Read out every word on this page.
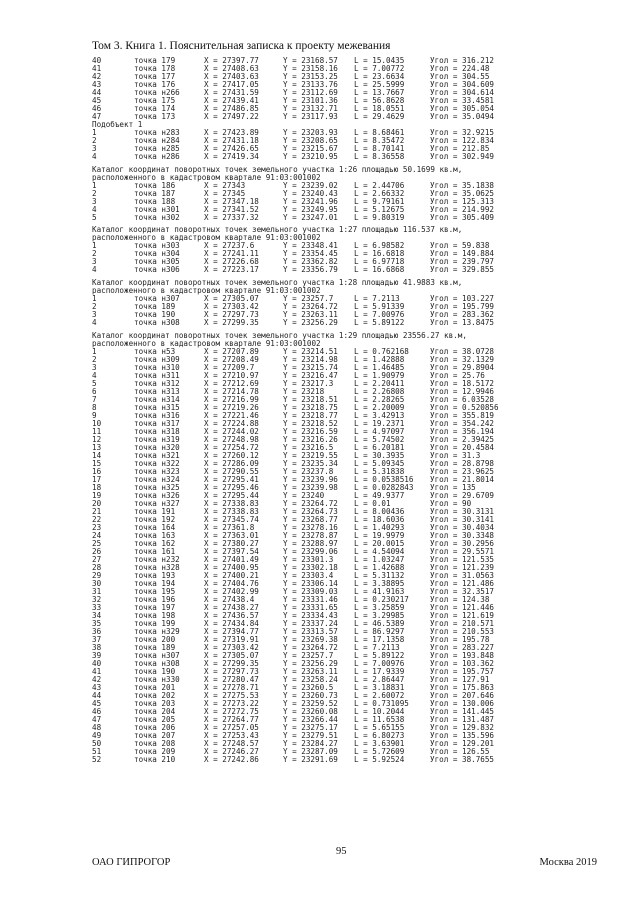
Том 3. Книга 1. Пояснительная записка к проекту межевания
40	точка 179	X = 27397.77	Y = 23168.57 L = 15.0435	Угол = 316.212
41	точка 178	X = 27408.63	Y = 23158.16 L = 7.00772	Угол = 224.48
42	точка 177	X = 27403.63	Y = 23153.25 L = 23.6634	Угол = 304.55
43	точка 176	X = 27417.05	Y = 23133.76 L = 25.5999	Угол = 304.609
44	точка н266	X = 27431.59	Y = 23112.69 L = 13.7667	Угол = 304.614
45	точка 175	X = 27439.41	Y = 23101.36 L = 56.8628	Угол = 33.4581
46	точка 174	X = 27486.85	Y = 23132.71 L = 18.0551	Угол = 305.054
47	точка 173	X = 27497.22	Y = 23117.93 L = 29.4629	Угол = 35.0494
Подобъект 1
1	точка н283	X = 27423.89	Y = 23203.93 L = 8.68461	Угол = 32.9215
2	точка н284	X = 27431.18	Y = 23208.65 L = 8.35472	Угол = 122.834
3	точка н285	X = 27426.65	Y = 23215.67 L = 8.70141	Угол = 212.85
4	точка н286	X = 27419.34	Y = 23210.95 L = 8.36558	Угол = 302.949
Каталог координат поворотных точек земельного участка 1:26 площадью 50.1699 кв.м,
расположенного в кадастровом квартале 91:03:001002
1	точка 186	X = 27343	Y = 23239.02 L = 2.44706	Угол = 35.1838
2	точка 187	X = 27345	Y = 23240.43 L = 2.66332	Угол = 35.0625
3	точка 188	X = 27347.18	Y = 23241.96 L = 9.79161	Угол = 125.313
4	точка н301	X = 27341.52	Y = 23249.95 L = 5.12675	Угол = 214.992
5	точка н302	X = 27337.32	Y = 23247.01 L = 9.80319	Угол = 305.409
Каталог координат поворотных точек земельного участка 1:27 площадью 116.537 кв.м,
расположенного в кадастровом квартале 91:03:001002
1	точка н303	X = 27237.6	Y = 23348.41 L = 6.98582	Угол = 59.838
2	точка н304	X = 27241.11	Y = 23354.45 L = 16.6818	Угол = 149.884
3	точка н305	X = 27226.68	Y = 23362.82 L = 6.97718	Угол = 239.797
4	точка н306	X = 27223.17	Y = 23356.79 L = 16.6868	Угол = 329.855
Каталог координат поворотных точек земельного участка 1:28 площадью 41.9883 кв.м,
расположенного в кадастровом квартале 91:03:001002
1	точка н307	X = 27305.07	Y = 23257.7	L = 7.2113	Угол = 103.227
2	точка 189	X = 27303.42	Y = 23264.72 L = 5.91339	Угол = 195.799
3	точка 190	X = 27297.73	Y = 23263.11 L = 7.00976	Угол = 283.362
4	точка н308	X = 27299.35	Y = 23256.29 L = 5.89122	Угол = 13.8475
Каталог координат поворотных точек земельного участка 1:29 площадью 23556.27 кв.м,
расположенного в кадастровом квартале 91:03:001002
1	точка н53	X = 27207.89	Y = 23214.51 L = 0.762168	Угол = 38.0728
2	точка н309	X = 27208.49	Y = 23214.98 L = 1.42888	Угол = 32.1329
3	точка н310	X = 27209.7	Y = 23215.74 L = 1.46485	Угол = 29.8904
4	точка н311	X = 27210.97	Y = 23216.47 L = 1.90979	Угол = 25.76
5	точка н312	X = 27212.69	Y = 23217.3	L = 2.20411	Угол = 18.5172
6	точка н313	X = 27214.78	Y = 23218	L = 2.26808	Угол = 12.9946
7	точка н314	X = 27216.99	Y = 23218.51 L = 2.28265	Угол = 6.03528
8	точка н315	X = 27219.26	Y = 23218.75 L = 2.20009	Угол = 0.520856
9	точка н316	X = 27221.46	Y = 23218.77 L = 3.42913	Угол = 355.819
10	точка н317	X = 27224.88	Y = 23218.52 L = 19.2371	Угол = 354.242
11	точка н318	X = 27244.02	Y = 23216.59 L = 4.97097	Угол = 356.194
12	точка н319	X = 27248.98	Y = 23216.26 L = 5.74502	Угол = 2.39425
13	точка н320	X = 27254.72	Y = 23216.5	L = 6.20181	Угол = 20.4584
14	точка н321	X = 27260.12	Y = 23219.55 L = 30.3935	Угол = 31.3
15	точка н322	X = 27286.09	Y = 23235.34 L = 5.09345	Угол = 28.8798
16	точка н323	X = 27290.55	Y = 23237.8	L = 5.31838	Угол = 23.9625
17	точка н324	X = 27295.41	Y = 23239.96 L = 0.0538516 Угол = 21.8014
18	точка н325	X = 27295.46	Y = 23239.98 L = 0.0282843 Угол = 135
19	точка н326	X = 27295.44	Y = 23240	L = 49.9377	Угол = 29.6709
20	точка н327	X = 27338.83	Y = 23264.72 L = 0.01	Угол = 90
21	точка 191	X = 27338.83	Y = 23264.73 L = 8.00436	Угол = 30.3131
22	точка 192	X = 27345.74	Y = 23268.77 L = 18.6036	Угол = 30.3141
23	точка 164	X = 27361.8	Y = 23278.16 L = 1.40293	Угол = 30.4034
24	точка 163	X = 27363.01	Y = 23278.87 L = 19.9979	Угол = 30.3348
25	точка 162	X = 27380.27	Y = 23288.97 L = 20.0015	Угол = 30.2956
26	точка 161	X = 27397.54	Y = 23299.06 L = 4.54094	Угол = 29.5571
27	точка н232	X = 27401.49	Y = 23301.3	L = 1.03247	Угол = 121.535
28	точка н328	X = 27400.95	Y = 23302.18 L = 1.42688	Угол = 121.239
29	точка 193	X = 27400.21	Y = 23303.4	L = 5.31132	Угол = 31.0563
30	точка 194	X = 27404.76	Y = 23306.14 L = 3.38895	Угол = 121.486
31	точка 195	X = 27402.99	Y = 23309.03 L = 41.9163	Угол = 32.3517
32	точка 196	X = 27438.4	Y = 23331.46 L = 0.230217	Угол = 124.38
33	точка 197	X = 27438.27	Y = 23331.65 L = 3.25859	Угол = 121.446
34	точка 198	X = 27436.57	Y = 23334.43 L = 3.29985	Угол = 121.619
35	точка 199	X = 27434.84	Y = 23337.24 L = 46.5389	Угол = 210.571
36	точка н329	X = 27394.77	Y = 23313.57 L = 86.9297	Угол = 210.553
37	точка 200	X = 27319.91	Y = 23269.38 L = 17.1358	Угол = 195.78
38	точка 189	X = 27303.42	Y = 23264.72 L = 7.2113	Угол = 283.227
39	точка н307	X = 27305.07	Y = 23257.7	L = 5.89122	Угол = 193.848
40	точка н308	X = 27299.35	Y = 23256.29 L = 7.00976	Угол = 103.362
41	точка 190	X = 27297.73	Y = 23263.11 L = 17.9339	Угол = 195.757
42	точка н330	X = 27280.47	Y = 23258.24 L = 2.86447	Угол = 127.91
43	точка 201	X = 27278.71	Y = 23260.5	L = 3.18831	Угол = 175.863
44	точка 202	X = 27275.53	Y = 23260.73 L = 2.60072	Угол = 207.646
45	точка 203	X = 27273.22	Y = 23259.52 L = 0.731095	Угол = 130.006
46	точка 204	X = 27272.75	Y = 23260.08 L = 10.2044	Угол = 141.445
47	точка 205	X = 27264.77	Y = 23266.44 L = 11.6538	Угол = 131.487
48	точка 206	X = 27257.05	Y = 23275.17 L = 5.65155	Угол = 129.832
49	точка 207	X = 27253.43	Y = 23279.51 L = 6.80273	Угол = 135.596
50	точка 208	X = 27248.57	Y = 23284.27 L = 3.63901	Угол = 129.201
51	точка 209	X = 27246.27	Y = 23287.09 L = 5.72609	Угол = 126.55
52	точка 210	X = 27242.86	Y = 23291.69 L = 5.92524	Угол = 38.7655
95
ОАО ГИПРОГОР	Москва 2019
